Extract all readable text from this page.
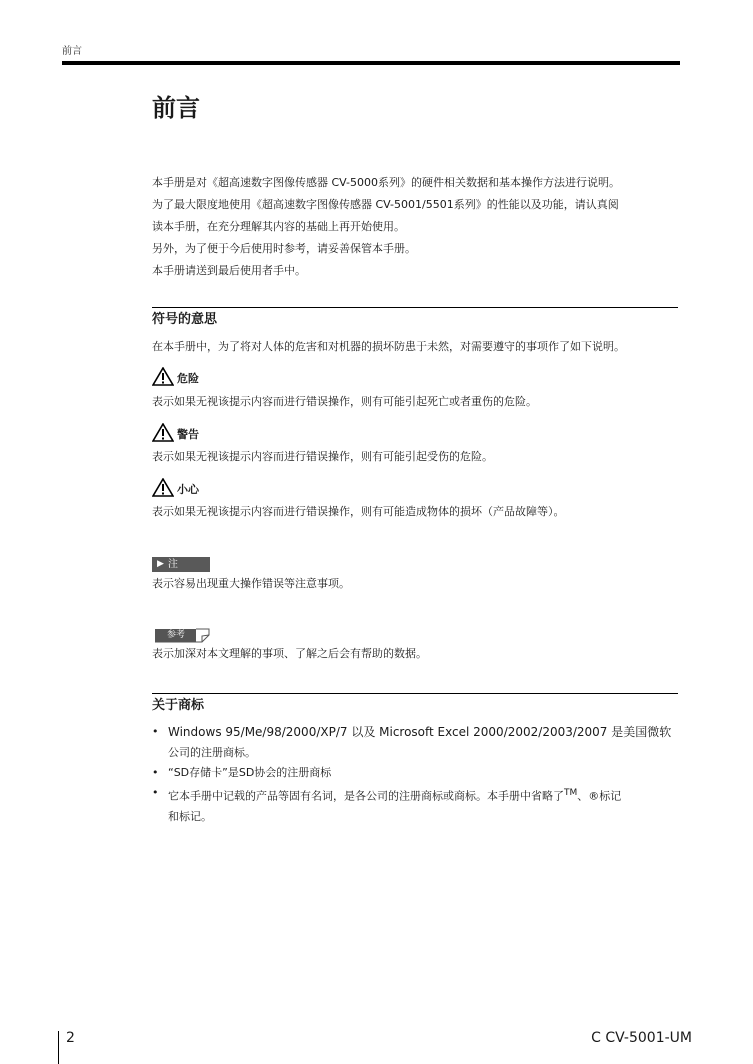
前言
前言

本手册是对《超高速数字图像传感器 CV-5000系列》的硬件相关数据和基本操作方法进行说明。

为了最大限度地使用《超高速数字图像传感器 CV-5001/5501系列》的性能以及功能，请认真阅

读本手册，在充分理解其内容的基础上再开始使用。

另外，为了便于今后使用时参考，请妥善保管本手册。

本手册请送到最后使用者手中。

符号的意思
在本手册中，为了将对人体的危害和对机器的损坏防患于未然，对需要遵守的事项作了如下说明。
危险
表示如果无视该提示内容而进行错误操作，则有可能引起死亡或者重伤的危险。
警告
表示如果无视该提示内容而进行错误操作，则有可能引起受伤的危险。
小心
表示如果无视该提示内容而进行错误操作，则有可能造成物体的损坏（产品故障等）。
▶ 注
表示容易出现重大操作错误等注意事项。
参考
表示加深对本文理解的事项、了解之后会有帮助的数据。
关于商标
• Windows 95/Me/98/2000/XP/7 以及 Microsoft Excel 2000/2002/2003/2007 是美国微软
公司的注册商标。
• “SD存储卡”是SD协会的注册商标
• 它本手册中记载的产品等固有名词，是各公司的注册商标或商标。本手册中省略了™、®标记
和标记。
2	C CV-5001-UM
